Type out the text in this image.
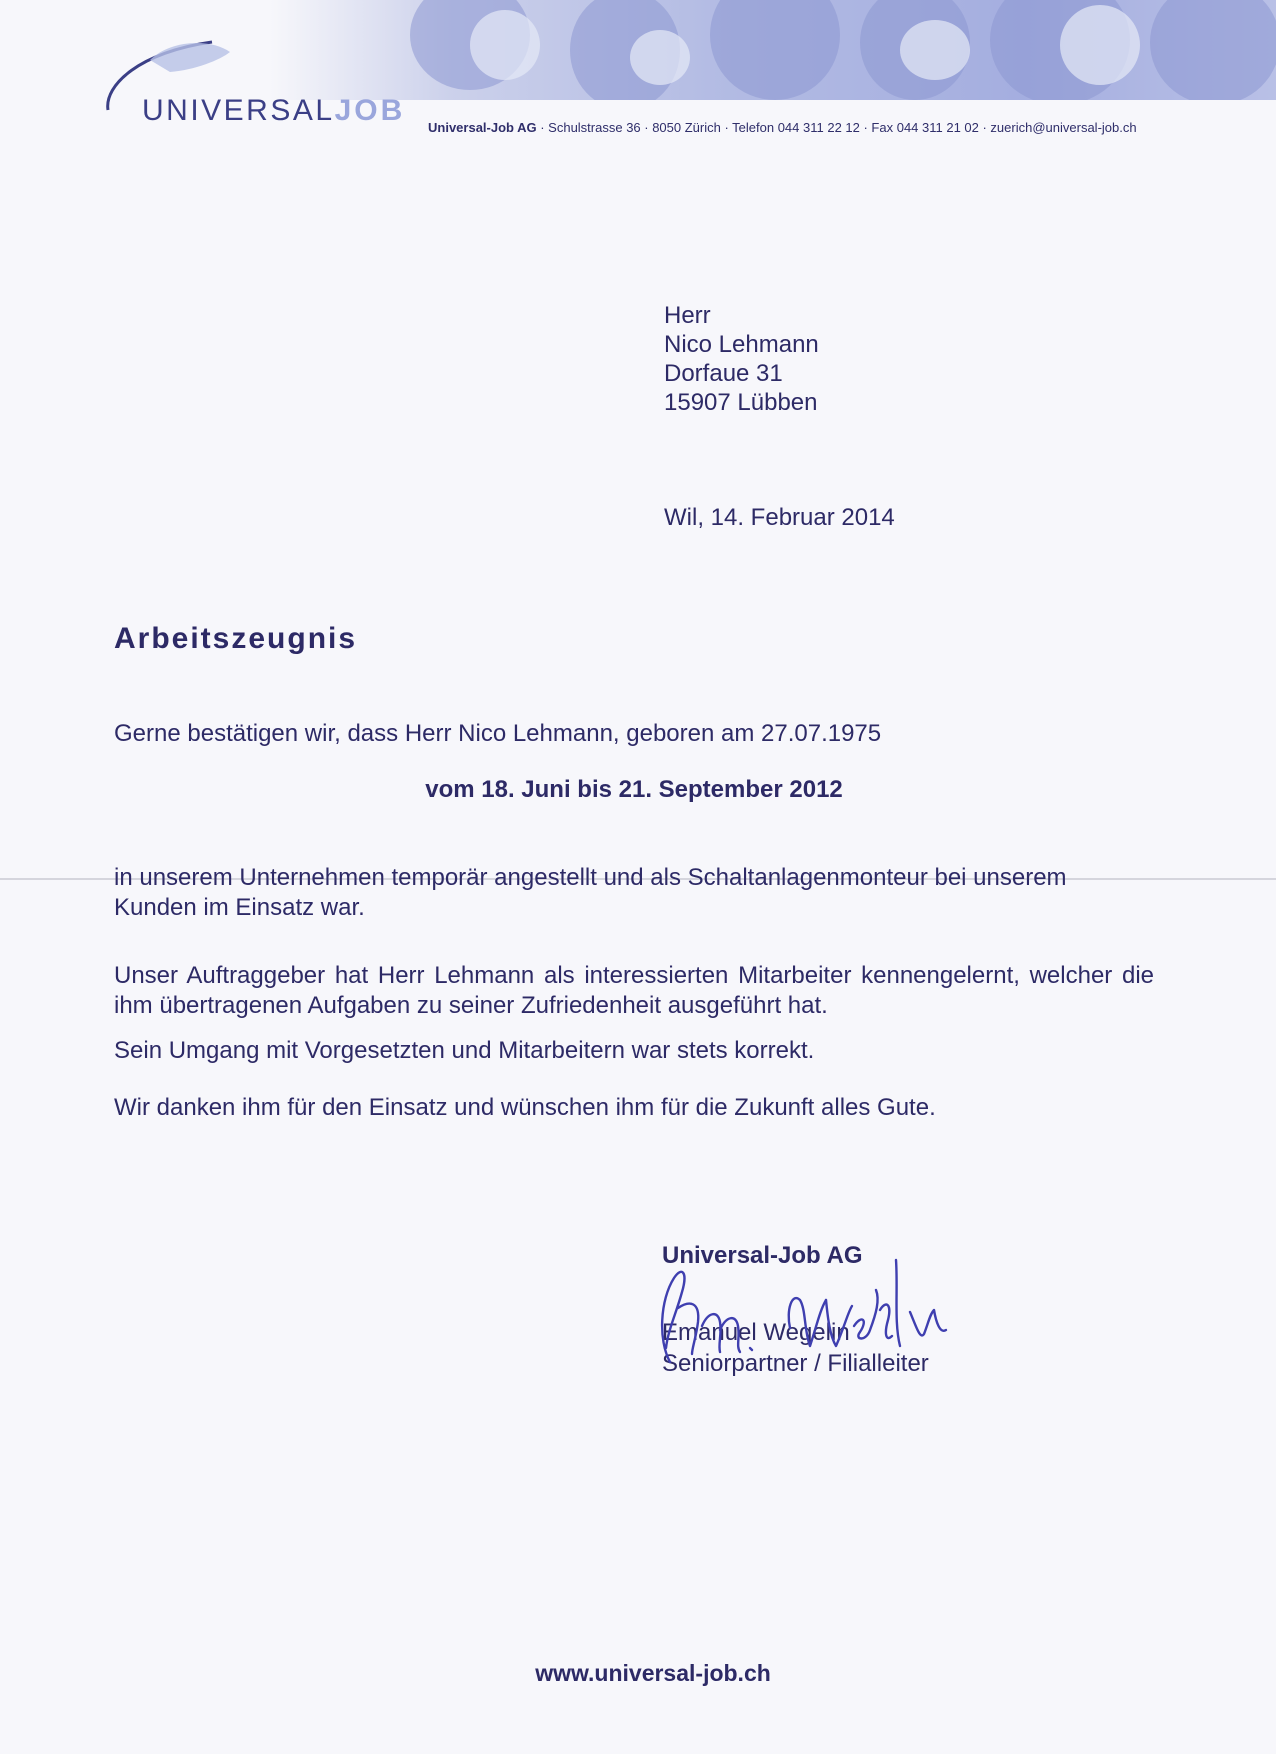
UNIVERSALJOB
Universal-Job AG · Schulstrasse 36 · 8050 Zürich · Telefon 044 311 22 12 · Fax 044 311 21 02 · zuerich@universal-job.ch
Herr
Nico Lehmann
Dorfaue 31
15907 Lübben
Wil, 14. Februar 2014
Arbeitszeugnis
Gerne bestätigen wir, dass Herr Nico Lehmann, geboren am 27.07.1975
vom 18. Juni bis 21. September 2012
in unserem Unternehmen temporär angestellt und als Schaltanlagenmonteur bei unserem Kunden im Einsatz war.
Unser Auftraggeber hat Herr Lehmann als interessierten Mitarbeiter kennengelernt, welcher die ihm übertragenen Aufgaben zu seiner Zufriedenheit ausgeführt hat.
Sein Umgang mit Vorgesetzten und Mitarbeitern war stets korrekt.
Wir danken ihm für den Einsatz und wünschen ihm für die Zukunft alles Gute.
Universal-Job AG
Emanuel Wegelin
Seniorpartner / Filialleiter
www.universal-job.ch
